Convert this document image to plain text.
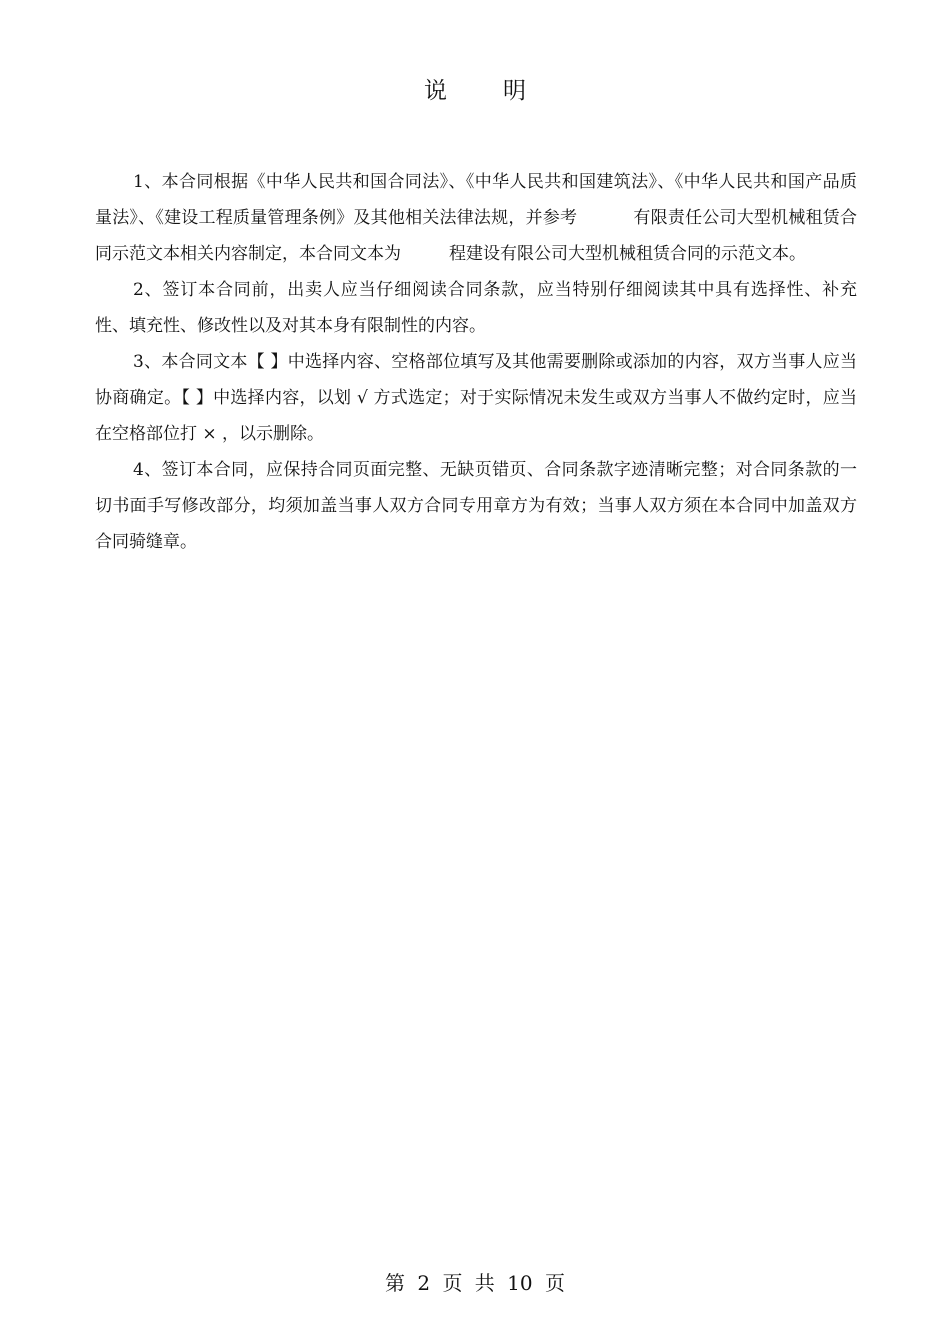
说明

1、本合同根据《中华人民共和国合同法》、《中华人民共和国建筑法》、《中华人民共和国产品质量法》、《建设工程质量管理条例》及其他相关法律法规，并参考	有限责任公司大型机械租赁合同示范文本相关内容制定，本合同文本为	程建设有限公司大型机械租赁合同的示范文本。

2、签订本合同前，出卖人应当仔细阅读合同条款，应当特别仔细阅读其中具有选择性、补充性、填充性、修改性以及对其本身有限制性的内容。

3、本合同文本【 】中选择内容、空格部位填写及其他需要删除或添加的内容，双方当事人应当协商确定。【 】中选择内容，以划 √ 方式选定；对于实际情况未发生或双方当事人不做约定时，应当在空格部位打 × ，以示删除。

4、签订本合同，应保持合同页面完整、无缺页错页、合同条款字迹清晰完整；对合同条款的一切书面手写修改部分，均须加盖当事人双方合同专用章方为有效；当事人双方须在本合同中加盖双方合同骑缝章。

第 2 页 共 10 页
